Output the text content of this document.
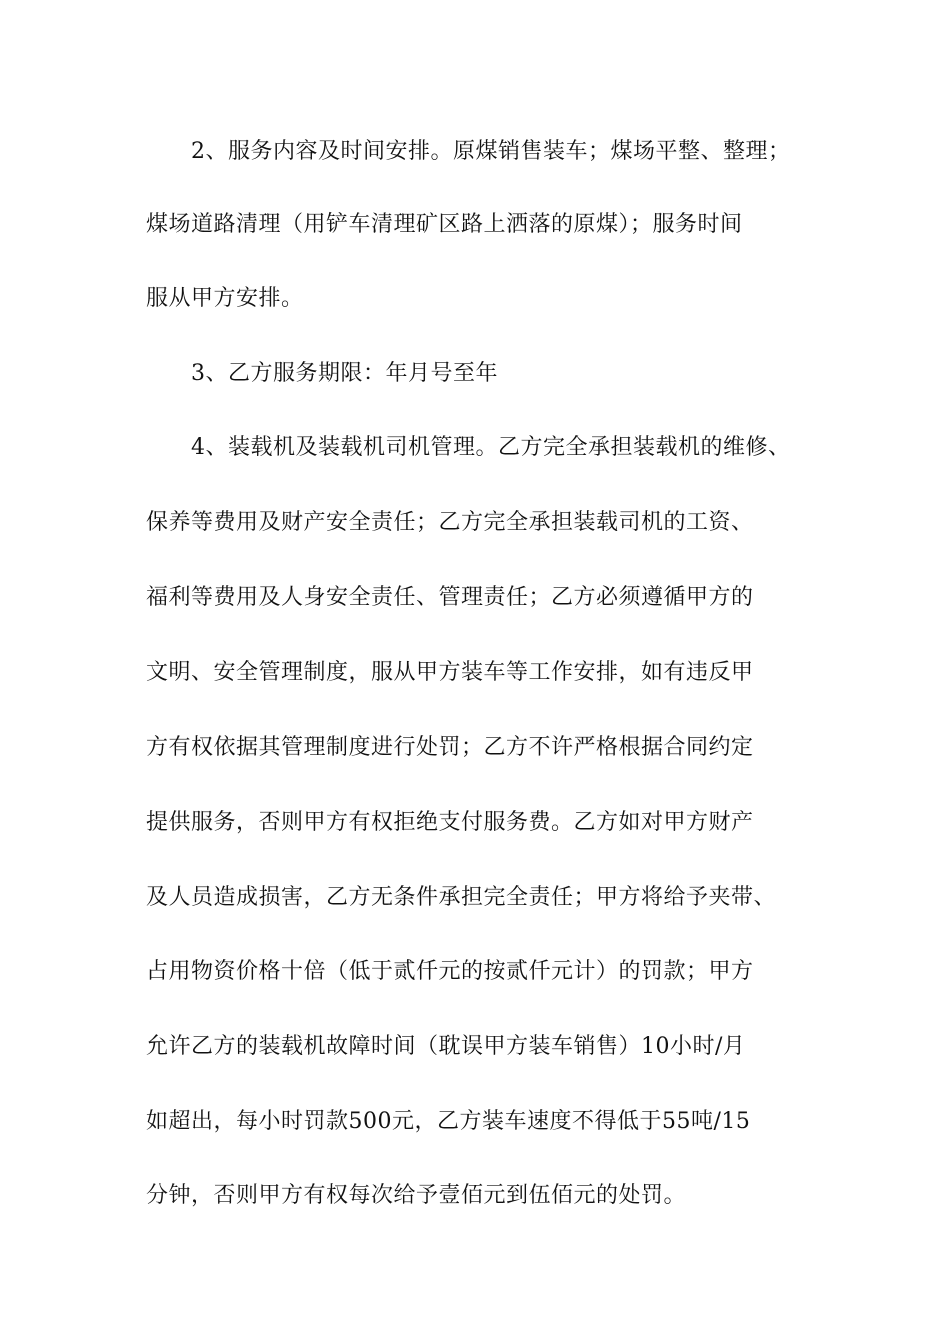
2、服务内容及时间安排。原煤销售装车；煤场平整、整理；
煤场道路清理（用铲车清理矿区路上洒落的原煤）；服务时间
服从甲方安排。
3、乙方服务期限：年月号至年
4、装载机及装载机司机管理。乙方完全承担装载机的维修、
保养等费用及财产安全责任；乙方完全承担装载司机的工资、
福利等费用及人身安全责任、管理责任；乙方必须遵循甲方的
文明、安全管理制度，服从甲方装车等工作安排，如有违反甲
方有权依据其管理制度进行处罚；乙方不许严格根据合同约定
提供服务，否则甲方有权拒绝支付服务费。乙方如对甲方财产
及人员造成损害，乙方无条件承担完全责任；甲方将给予夹带、
占用物资价格十倍（低于贰仟元的按贰仟元计）的罚款；甲方
允许乙方的装载机故障时间（耽误甲方装车销售）10小时/月
如超出，每小时罚款500元，乙方装车速度不得低于55吨/15
分钟，否则甲方有权每次给予壹佰元到伍佰元的处罚。
